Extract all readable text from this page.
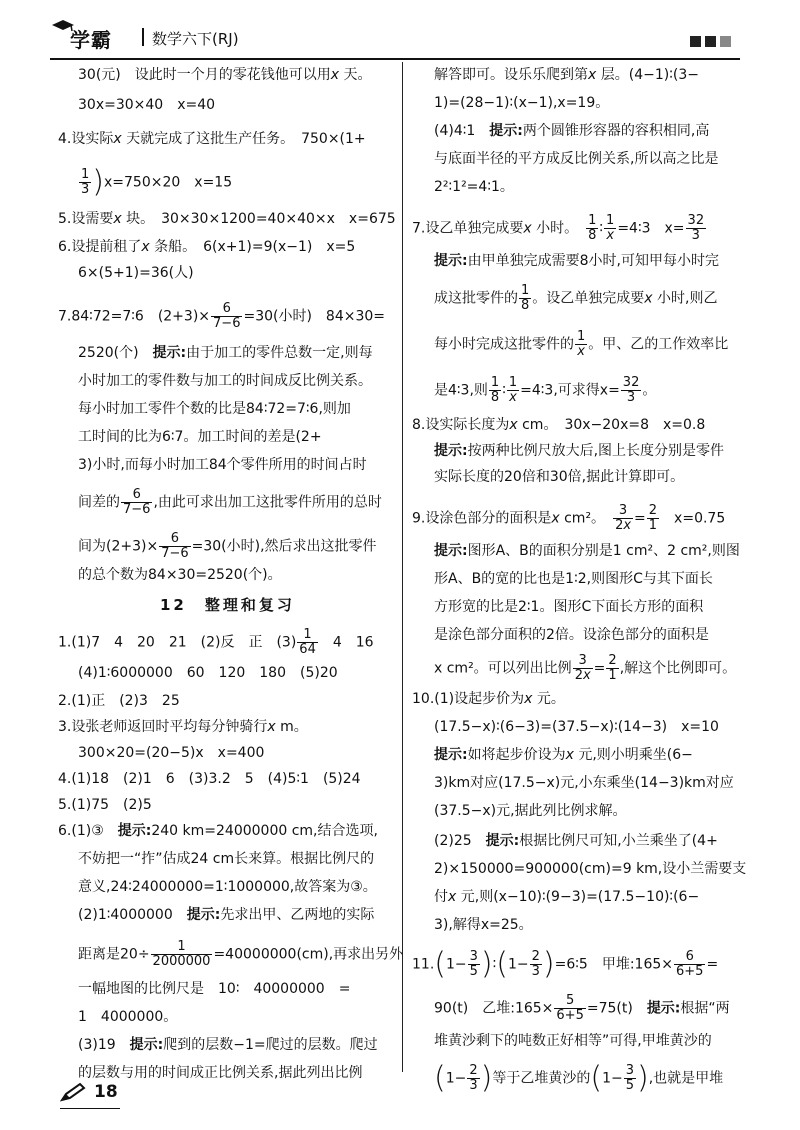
学霸	数学六下(RJ)
30(元)　设此时一个月的零花钱他可以用x 天。
30x=30×40　x=40
4.设实际x 天就完成了这批生产任务。　750×(1+
$\frac{1}{3} )x=750\times 20$　x=15
5.设需要x 块。　30×30×1200=40×40×x　x=675
6.设提前租了x 条船。　6(x+1)=9(x−1)　x=5
6×(5+1)=36(人)
7.84∶72=7∶6　$(2+3)\times \frac{6}{7-6} =30$(小时)　84×30=
2520(个)　提示:由于加工的零件总数一定,则每
小时加工的零件数与加工的时间成反比例关系。
每小时加工零件个数的比是84∶72=7∶6,则加
工时间的比为6∶7。加工时间的差是(2+
3)小时,而每小时加工84个零件所用的时间占时
间差的 $\frac{6}{7-6}$ ,由此可求出加工这批零件所用的总时
间为$(2+3)\times \frac{6}{7-6} =30$(小时),然后求出这批零件
的总个数为84×30=2520(个)。
12　整理和复习
1.(1)7　4　20　21　(2)反　正　$(3) \frac{1}{64}$ 　4　16
(4)1∶6000000　60　120　180　(5)20
2.(1)正　(2)3　25
3.设张老师返回时平均每分钟骑行x m。
300×20=(20−5)x　x=400
4.(1)18　(2)1　6　(3)3.2　5　(4)5∶1　(5)24
5.(1)75　(2)5
6.(1)③　提示:240 km=24000000 cm,结合选项,
不妨把一“拃”估成24 cm长来算。根据比例尺的
意义,24∶24000000=1∶1000000,故答案为③。
(2)1∶4000000　提示:先求出甲、乙两地的实际
距离是$20\div \frac{1}{2000000} =40000000(cm)$,再求出另外
一幅地图的比例尺是　10∶　40000000　=
1　4000000。
(3)19　提示:爬到的层数−1=爬过的层数。爬过
的层数与用的时间成正比例关系,据此列出比例
解答即可。设乐乐爬到第x 层。(4−1)∶(3−
1)=(28−1)∶(x−1),x=19。
(4)4∶1　提示:两个圆锥形容器的容积相同,高
与底面半径的平方成反比例关系,所以高之比是
2²∶1²=4∶1。
7.设乙单独完成要x 小时。　 $\frac{1}{8}$ ∶ $\frac{1}{x}$ =4∶3　$x= \frac{32}{3}$
提示:由甲单独完成需要8小时,可知甲每小时完
成这批零件的 $\frac{1}{8}$ 。设乙单独完成要x 小时,则乙
每小时完成这批零件的 $\frac{1}{x}$ 。甲、乙的工作效率比
是4∶3,则 $\frac{1}{8}$ ∶ $\frac{1}{x}$ =4∶3,可求得$x= \frac{32}{3}$ 。
8.设实际长度为x cm。　30x−20x=8　x=0.8
提示:按两种比例尺放大后,图上长度分别是零件
实际长度的20倍和30倍,据此计算即可。
9.设涂色部分的面积是x cm²。　 $\frac{3}{2x} = \frac{2}{1}$ 　x=0.75
提示:图形A、B的面积分别是1 cm²、2 cm²,则图
形A、B的宽的比也是1∶2,则图形C与其下面长
方形宽的比是2∶1。图形C下面长方形的面积
是涂色部分面积的2倍。设涂色部分的面积是
x cm²。可以列出比例 $\frac{3}{2x} = \frac{2}{1}$ ,解这个比例即可。
10.(1)设起步价为x 元。
(17.5−x)∶(6−3)=(37.5−x)∶(14−3)　x=10
提示:如将起步价设为x 元,则小明乘坐(6−
3)km对应(17.5−x)元,小东乘坐(14−3)km对应
(37.5−x)元,据此列比例求解。
(2)25　提示:根据比例尺可知,小兰乘坐了(4+
2)×150000=900000(cm)=9 km,设小兰需要支
付x 元,则(x−10)∶(9−3)=(17.5−10)∶(6−
3),解得x=25。
$11.(1- \frac{3}{5}$ )∶(1− $\frac{2}{3}$ )=6∶5　甲堆:165× $\frac{6}{6+5}$ =
90(t)　乙堆:165× $\frac{5}{6+5} =75(t)$　提示:根据“两
堆黄沙剩下的吨数正好相等”可得,甲堆黄沙的
($1- \frac{2}{3}$ )等于乙堆黄沙的($1- \frac{3}{5}$ ),也就是甲堆
18
